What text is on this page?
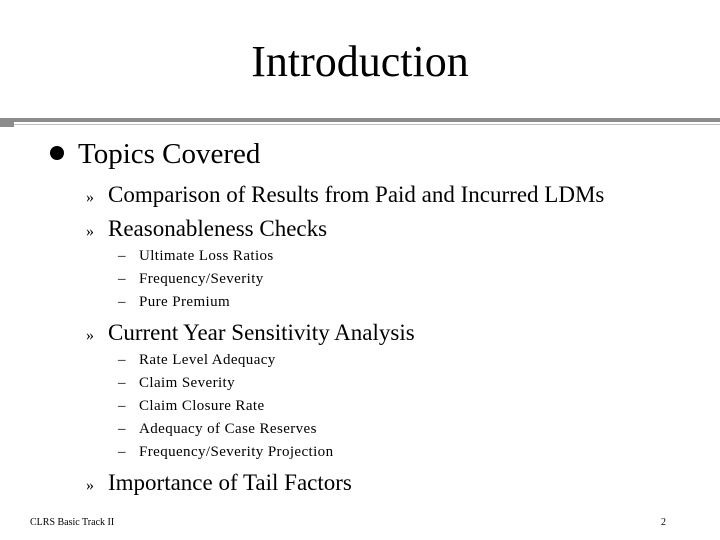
Introduction
Topics Covered
» Comparison of Results from Paid and Incurred LDMs
» Reasonableness Checks
– Ultimate Loss Ratios
– Frequency/Severity
– Pure Premium
» Current Year Sensitivity Analysis
– Rate Level Adequacy
– Claim Severity
– Claim Closure Rate
– Adequacy of Case Reserves
– Frequency/Severity Projection
» Importance of Tail Factors
CLRS Basic Track II	2
